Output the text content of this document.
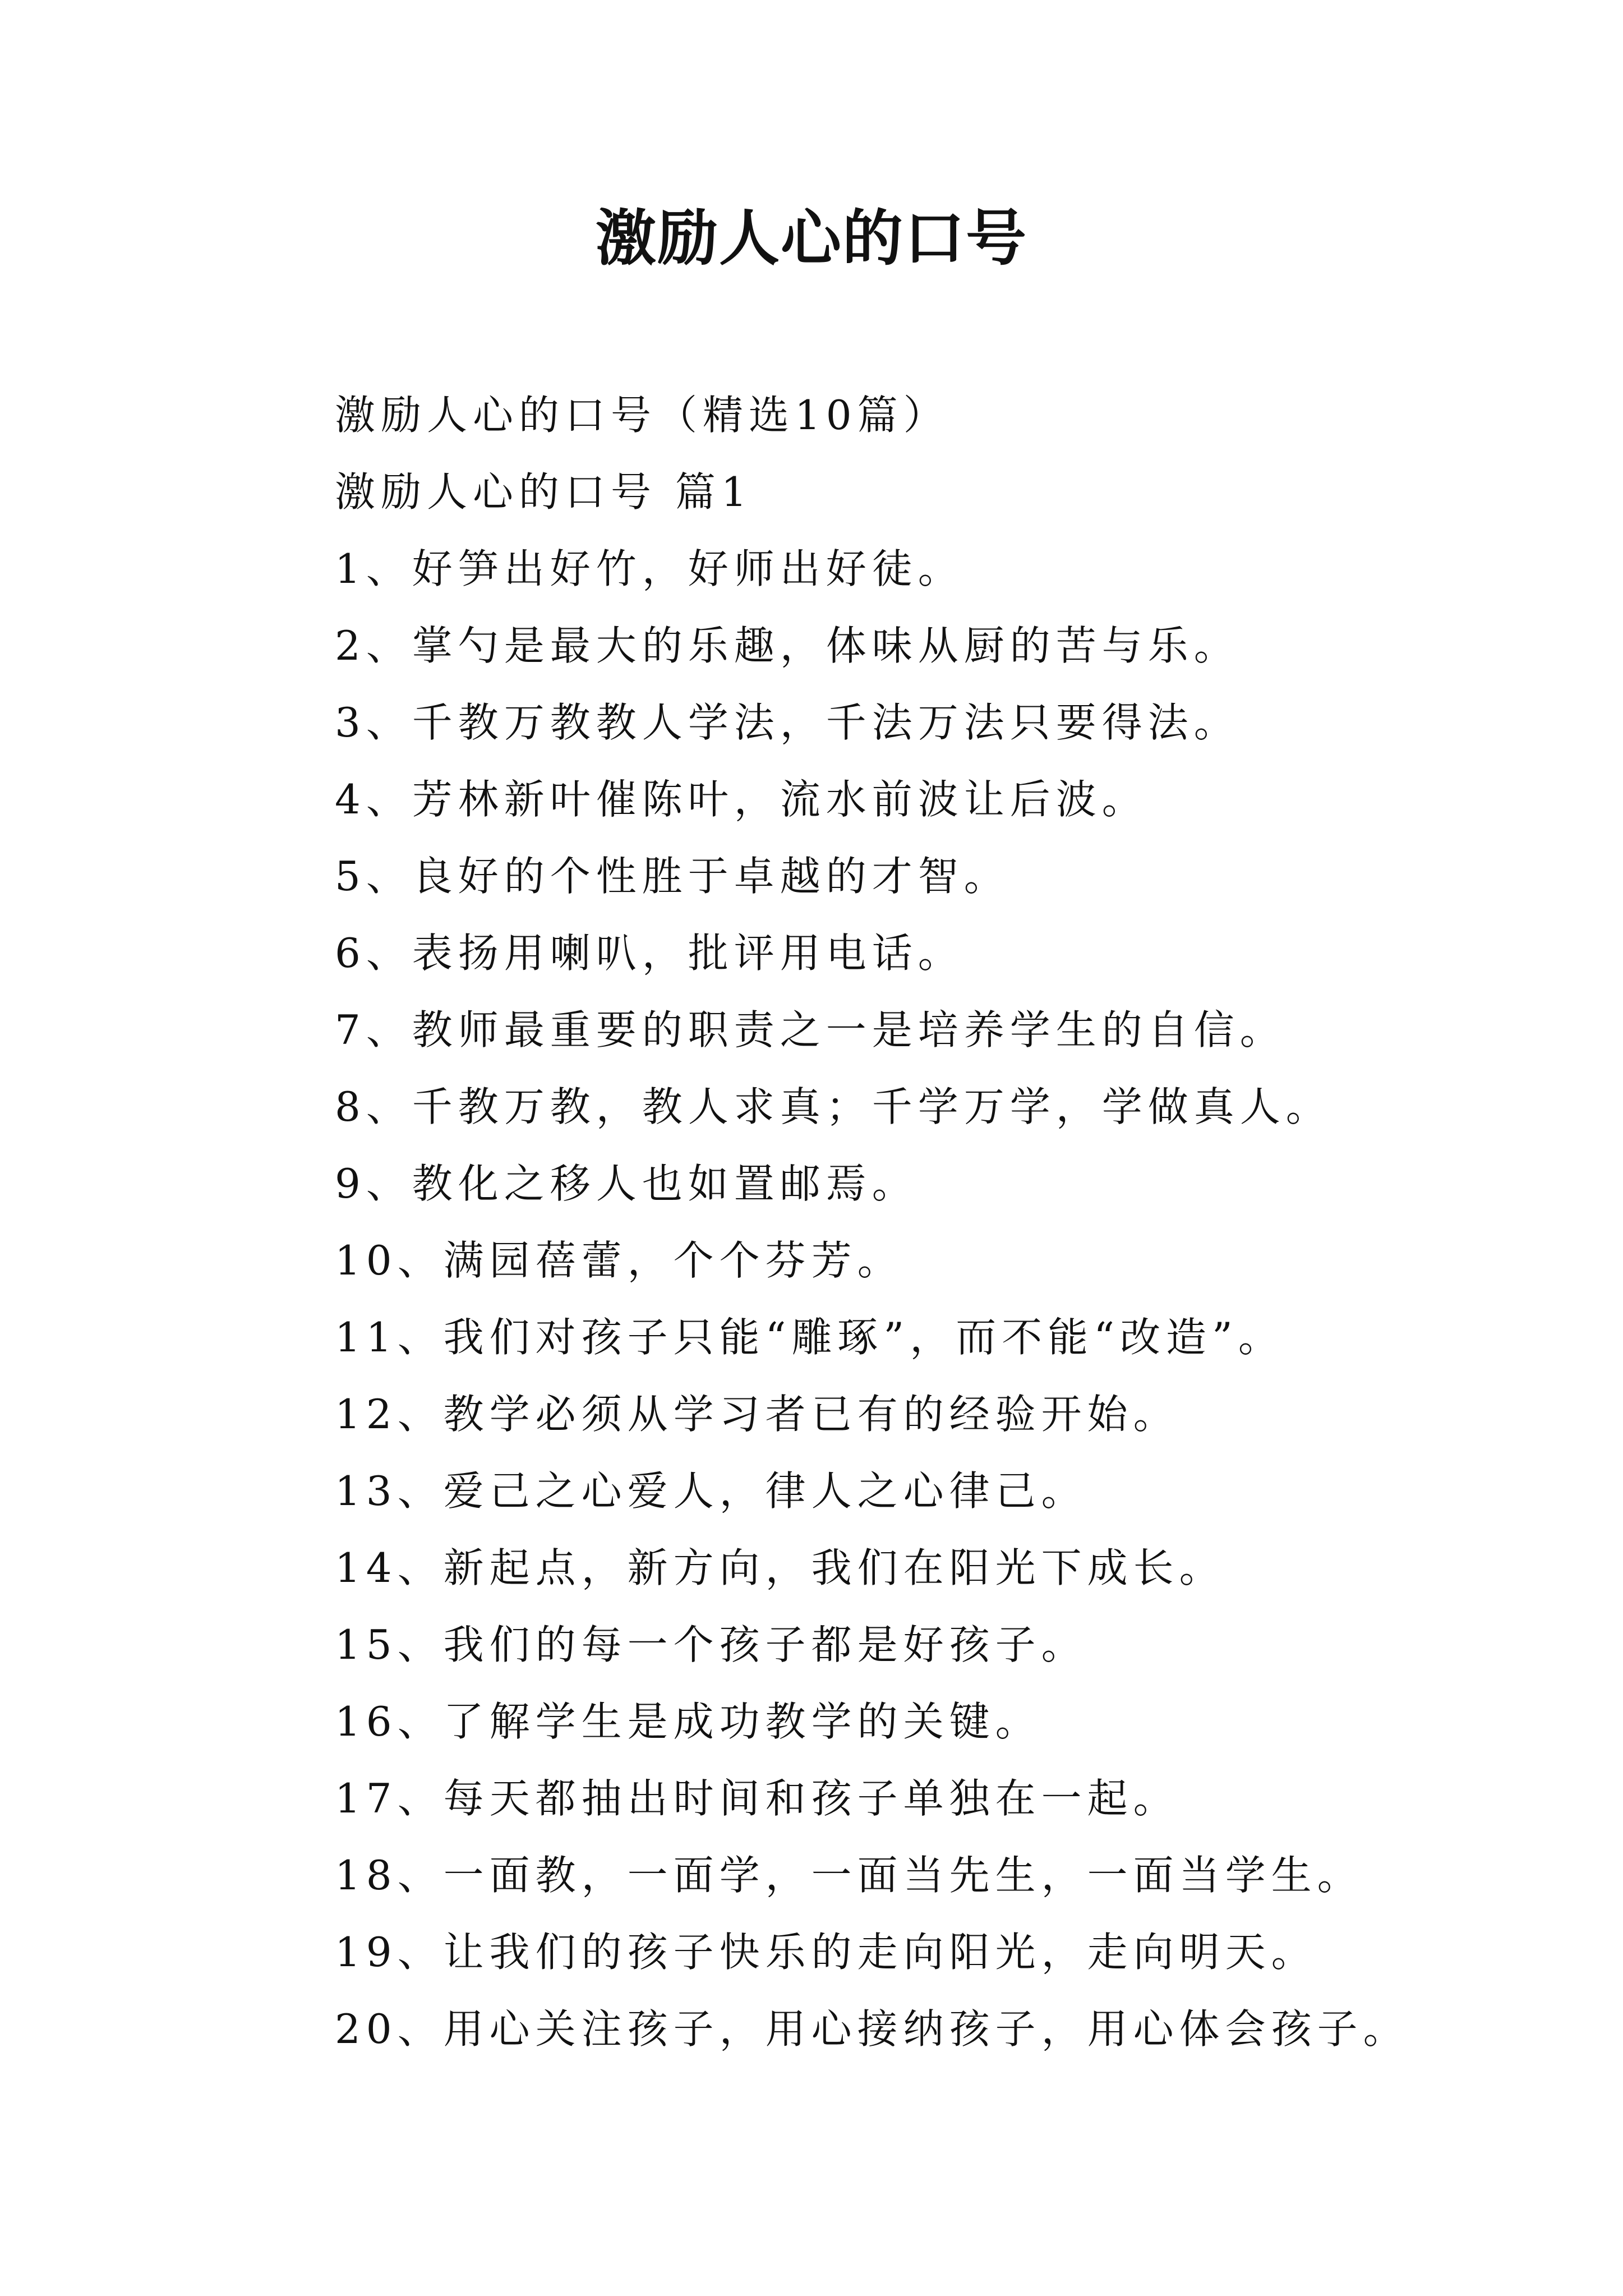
激励人心的口号
激励人心的口号（精选10篇）
激励人心的口号 篇1
1、好笋出好竹，好师出好徒。
2、掌勺是最大的乐趣，体味从厨的苦与乐。
3、千教万教教人学法，千法万法只要得法。
4、芳林新叶催陈叶，流水前波让后波。
5、良好的个性胜于卓越的才智。
6、表扬用喇叭，批评用电话。
7、教师最重要的职责之一是培养学生的自信。
8、千教万教，教人求真；千学万学，学做真人。
9、教化之移人也如置邮焉。
10、满园蓓蕾，个个芬芳。
11、我们对孩子只能“雕琢”，而不能“改造”。
12、教学必须从学习者已有的经验开始。
13、爱己之心爱人，律人之心律己。
14、新起点，新方向，我们在阳光下成长。
15、我们的每一个孩子都是好孩子。
16、了解学生是成功教学的关键。
17、每天都抽出时间和孩子单独在一起。
18、一面教，一面学，一面当先生，一面当学生。
19、让我们的孩子快乐的走向阳光，走向明天。
20、用心关注孩子，用心接纳孩子，用心体会孩子。
